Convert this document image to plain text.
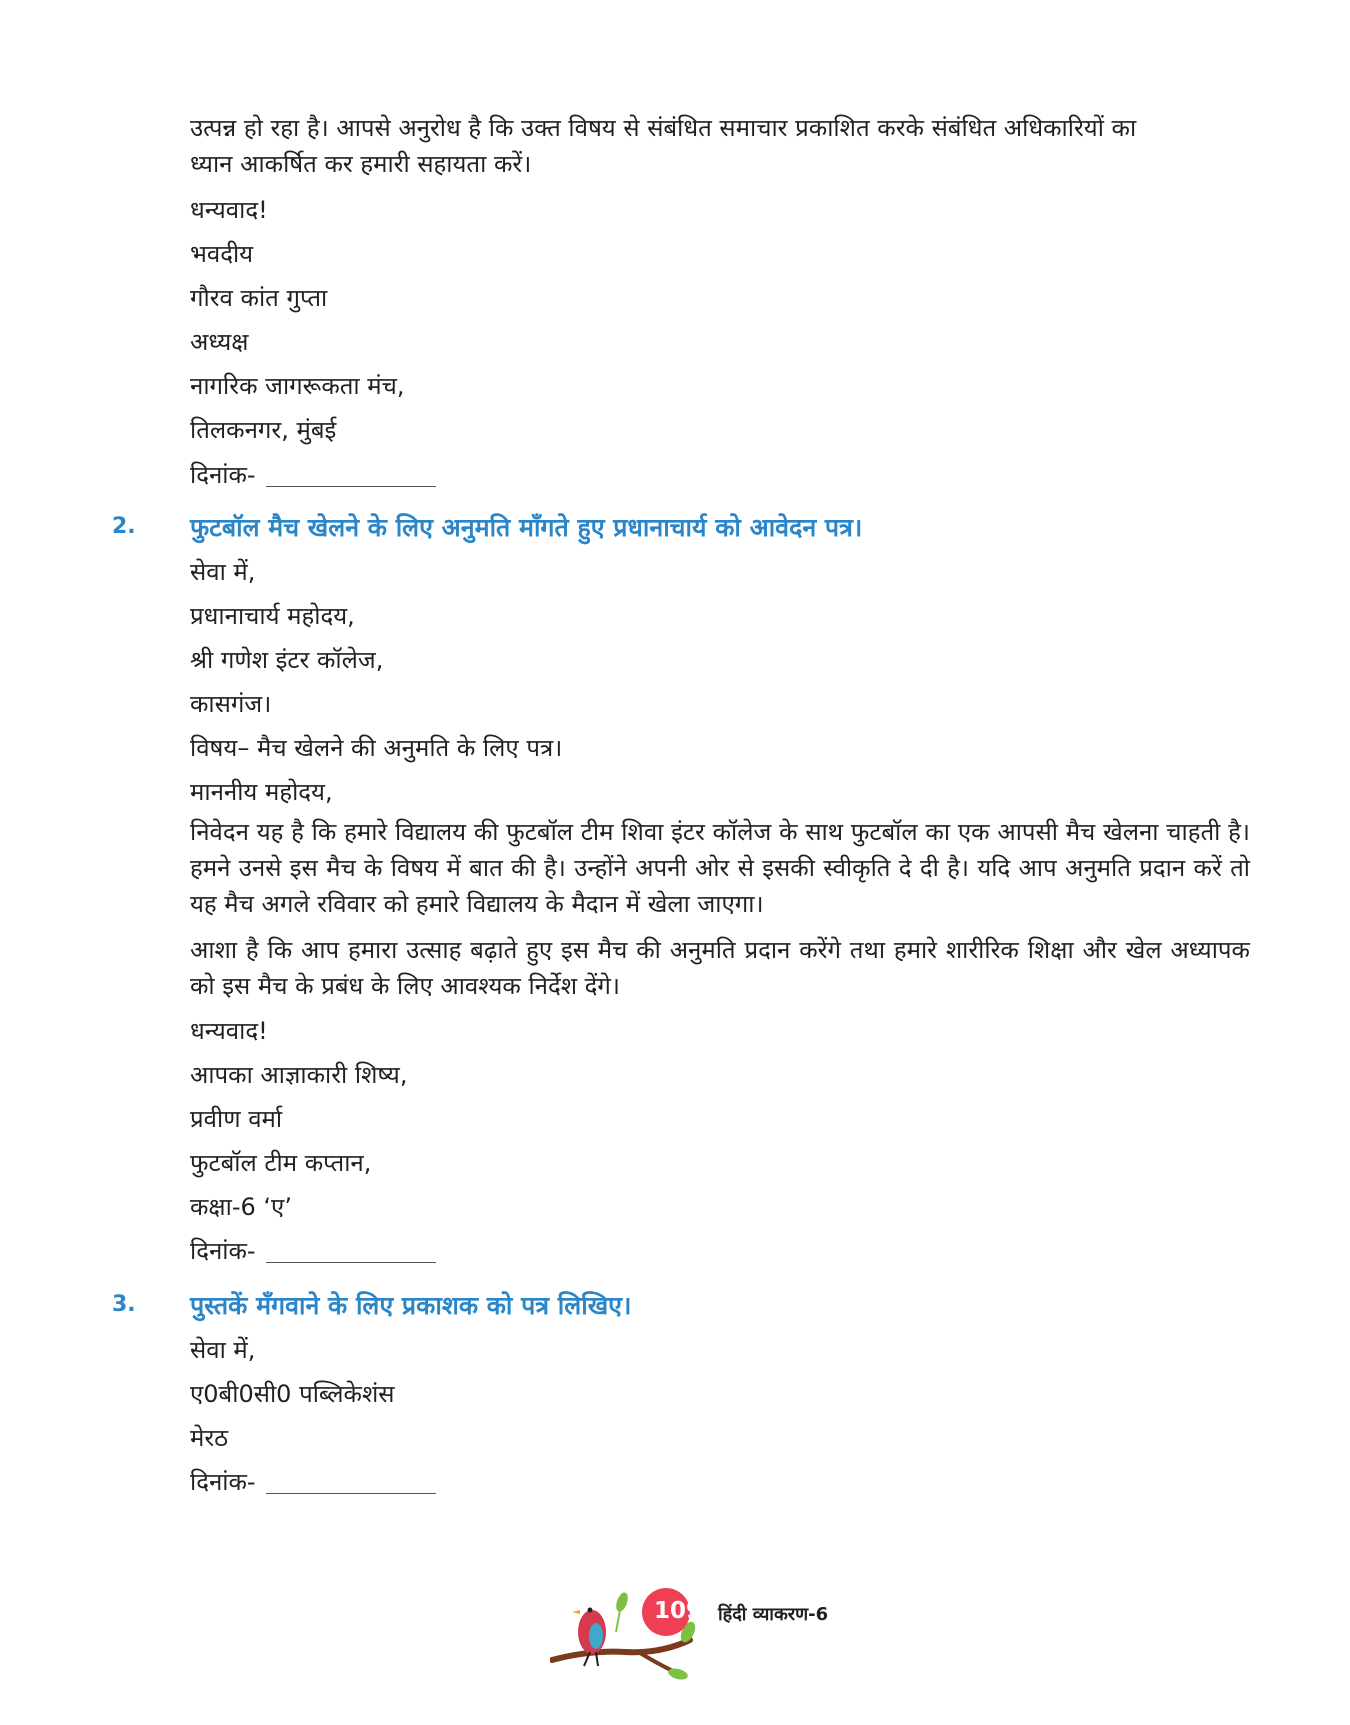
उत्पन्न हो रहा है। आपसे अनुरोध है कि उक्त विषय से संबंधित समाचार प्रकाशित करके संबंधित अधिकारियों का
ध्यान आकर्षित कर हमारी सहायता करें।
धन्यवाद!
भवदीय
गौरव कांत गुप्ता
अध्यक्ष
नागरिक जागरूकता मंच,
तिलकनगर, मुंबई
दिनांक-
2. फुटबॉल मैच खेलने के लिए अनुमति माँगते हुए प्रधानाचार्य को आवेदन पत्र।
सेवा में,
प्रधानाचार्य महोदय,
श्री गणेश इंटर कॉलेज,
कासगंज।
विषय– मैच खेलने की अनुमति के लिए पत्र।
माननीय महोदय,
निवेदन यह है कि हमारे विद्यालय की फुटबॉल टीम शिवा इंटर कॉलेज के साथ फुटबॉल का एक आपसी मैच खेलना चाहती है। हमने उनसे इस मैच के विषय में बात की है। उन्होंने अपनी ओर से इसकी स्वीकृति दे दी है। यदि आप अनुमति प्रदान करें तो यह मैच अगले रविवार को हमारे विद्यालय के मैदान में खेला जाएगा।
आशा है कि आप हमारा उत्साह बढ़ाते हुए इस मैच की अनुमति प्रदान करेंगे तथा हमारे शारीरिक शिक्षा और खेल अध्यापक को इस मैच के प्रबंध के लिए आवश्यक निर्देश देंगे।
धन्यवाद!
आपका आज्ञाकारी शिष्य,
प्रवीण वर्मा
फुटबॉल टीम कप्तान,
कक्षा-6 ‘ए’
दिनांक-
3. पुस्तकें मँगवाने के लिए प्रकाशक को पत्र लिखिए।
सेवा में,
ए0बी0सी0 पब्लिकेशंस
मेरठ
दिनांक-
109 हिंदी व्याकरण-6
